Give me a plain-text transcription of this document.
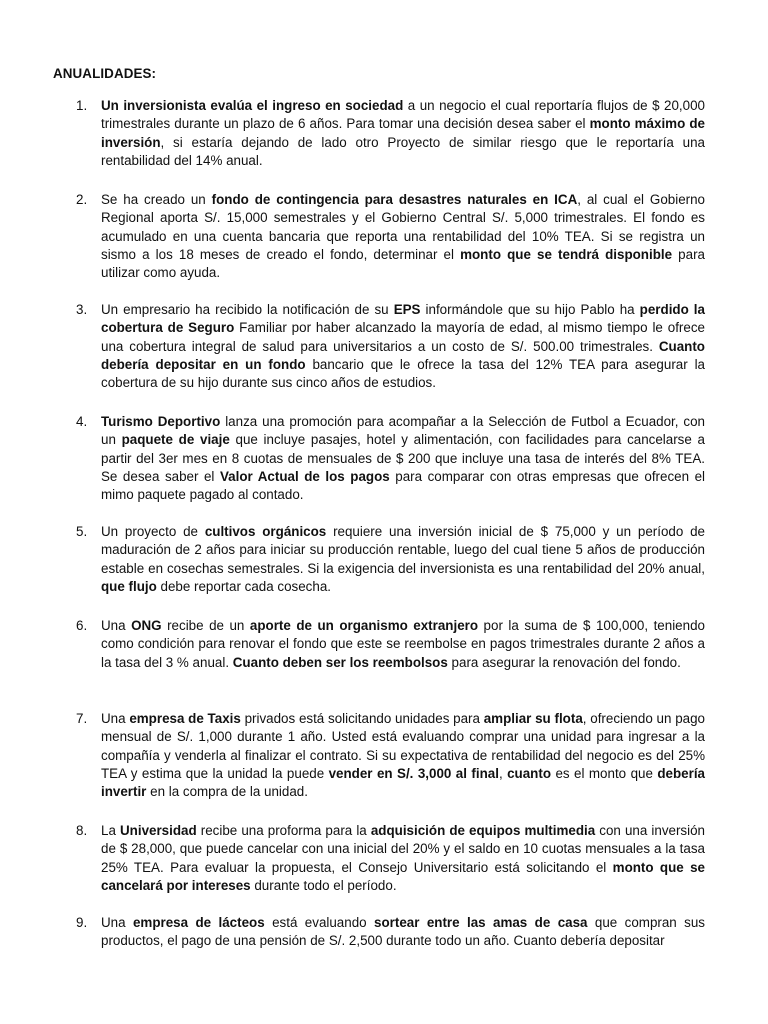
ANUALIDADES:
1. Un inversionista evalúa el ingreso en sociedad a un negocio el cual reportaría flujos de $ 20,000 trimestrales durante un plazo de 6 años. Para tomar una decisión desea saber el monto máximo de inversión, si estaría dejando de lado otro Proyecto de similar riesgo que le reportaría una rentabilidad del 14% anual.
2. Se ha creado un fondo de contingencia para desastres naturales en ICA, al cual el Gobierno Regional aporta S/. 15,000 semestrales y el Gobierno Central S/. 5,000 trimestrales. El fondo es acumulado en una cuenta bancaria que reporta una rentabilidad del 10% TEA. Si se registra un sismo a los 18 meses de creado el fondo, determinar el monto que se tendrá disponible para utilizar como ayuda.
3. Un empresario ha recibido la notificación de su EPS informándole que su hijo Pablo ha perdido la cobertura de Seguro Familiar por haber alcanzado la mayoría de edad, al mismo tiempo le ofrece una cobertura integral de salud para universitarios a un costo de S/. 500.00 trimestrales. Cuanto debería depositar en un fondo bancario que le ofrece la tasa del 12% TEA para asegurar la cobertura de su hijo durante sus cinco años de estudios.
4. Turismo Deportivo lanza una promoción para acompañar a la Selección de Futbol a Ecuador, con un paquete de viaje que incluye pasajes, hotel y alimentación, con facilidades para cancelarse a partir del 3er mes en 8 cuotas de mensuales de $ 200 que incluye una tasa de interés del 8% TEA. Se desea saber el Valor Actual de los pagos para comparar con otras empresas que ofrecen el mimo paquete pagado al contado.
5. Un proyecto de cultivos orgánicos requiere una inversión inicial de $ 75,000 y un período de maduración de 2 años para iniciar su producción rentable, luego del cual tiene 5 años de producción estable en cosechas semestrales. Si la exigencia del inversionista es una rentabilidad del 20% anual, que flujo debe reportar cada cosecha.
6. Una ONG recibe de un aporte de un organismo extranjero por la suma de $ 100,000, teniendo como condición para renovar el fondo que este se reembolse en pagos trimestrales durante 2 años a la tasa del 3 % anual. Cuanto deben ser los reembolsos para asegurar la renovación del fondo.
7. Una empresa de Taxis privados está solicitando unidades para ampliar su flota, ofreciendo un pago mensual de S/. 1,000 durante 1 año. Usted está evaluando comprar una unidad para ingresar a la compañía y venderla al finalizar el contrato. Si su expectativa de rentabilidad del negocio es del 25% TEA y estima que la unidad la puede vender en S/. 3,000 al final, cuanto es el monto que debería invertir en la compra de la unidad.
8. La Universidad recibe una proforma para la adquisición de equipos multimedia con una inversión de $ 28,000, que puede cancelar con una inicial del 20% y el saldo en 10 cuotas mensuales a la tasa 25% TEA. Para evaluar la propuesta, el Consejo Universitario está solicitando el monto que se cancelará por intereses durante todo el período.
9. Una empresa de lácteos está evaluando sortear entre las amas de casa que compran sus productos, el pago de una pensión de S/. 2,500 durante todo un año. Cuanto debería depositar
